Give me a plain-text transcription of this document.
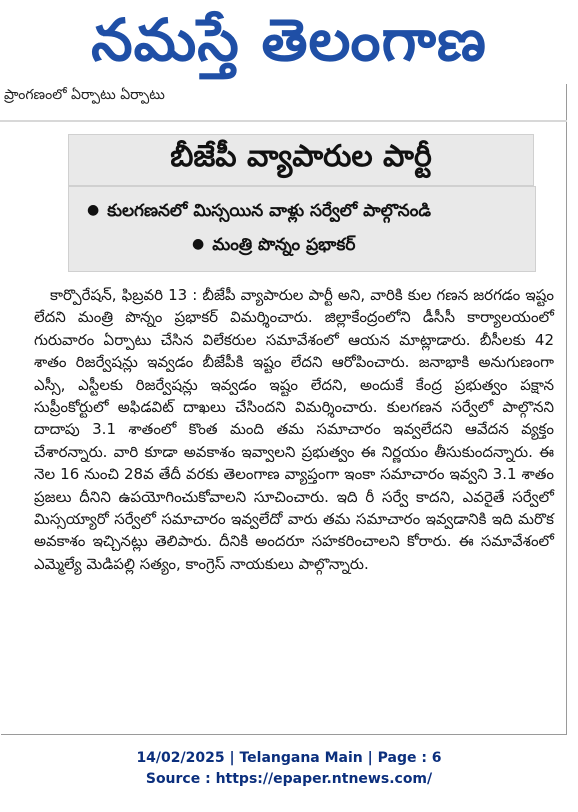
నమస్తే తెలంగాణ
ప్రాంగణంలో ఏర్పాటు ఏర్పాటు
బీజేపీ వ్యాపారుల పార్టీ
● కులగణనలో మిస్సయిన వాళ్లు సర్వేలో పాల్గొనండి
● మంత్రి పొన్నం ప్రభాకర్

కార్పొరేషన్, ఫిబ్రవరి 13 : బీజేపీ వ్యాపారుల పార్టీ అని, వారికి కుల గణన జరగడం ఇష్టం లేదని మంత్రి పొన్నం ప్రభాకర్ విమర్శించారు. జిల్లాకేంద్రంలోని డీసీసీ కార్యాలయంలో గురువారం ఏర్పాటు చేసిన విలేకరుల సమావేశంలో ఆయన మాట్లాడారు. బీసీలకు 42 శాతం రిజర్వేషన్లు ఇవ్వడం బీజేపీకి ఇష్టం లేదని ఆరోపించారు. జనాభాకి అనుగుణంగా ఎస్సీ, ఎస్టీలకు రిజర్వేషన్లు ఇవ్వడం ఇష్టం లేదని, అందుకే కేంద్ర ప్రభుత్వం పక్షాన సుప్రీంకోర్టులో అఫిడవిట్ దాఖలు చేసిందని విమర్శించారు. కులగణన సర్వేలో పాల్గొనని దాదాపు 3.1 శాతంలో కొంత మంది తమ సమాచారం ఇవ్వలేదని ఆవేదన వ్యక్తం చేశారన్నారు. వారి కూడా అవకాశం ఇవ్వాలని ప్రభుత్వం ఈ నిర్ణయం తీసుకుందన్నారు. ఈ నెల 16 నుంచి 28వ తేదీ వరకు తెలంగాణ వ్యాప్తంగా ఇంకా సమాచారం ఇవ్వని 3.1 శాతం ప్రజలు దీనిని ఉపయోగించుకోవాలని సూచించారు. ఇది రీ సర్వే కాదని, ఎవరైతే సర్వేలో మిస్సయ్యారో సర్వేలో సమాచారం ఇవ్వలేదో వారు తమ సమాచారం ఇవ్వడానికి ఇది మరొక అవకాశం ఇచ్చినట్లు తెలిపారు. దీనికి అందరూ సహకరించాలని కోరారు. ఈ సమావేశంలో ఎమ్మెల్యే మెడిపల్లి సత్యం, కాంగ్రెస్ నాయకులు పాల్గొన్నారు.

14/02/2025 | Telangana Main | Page : 6
Source : https://epaper.ntnews.com/
